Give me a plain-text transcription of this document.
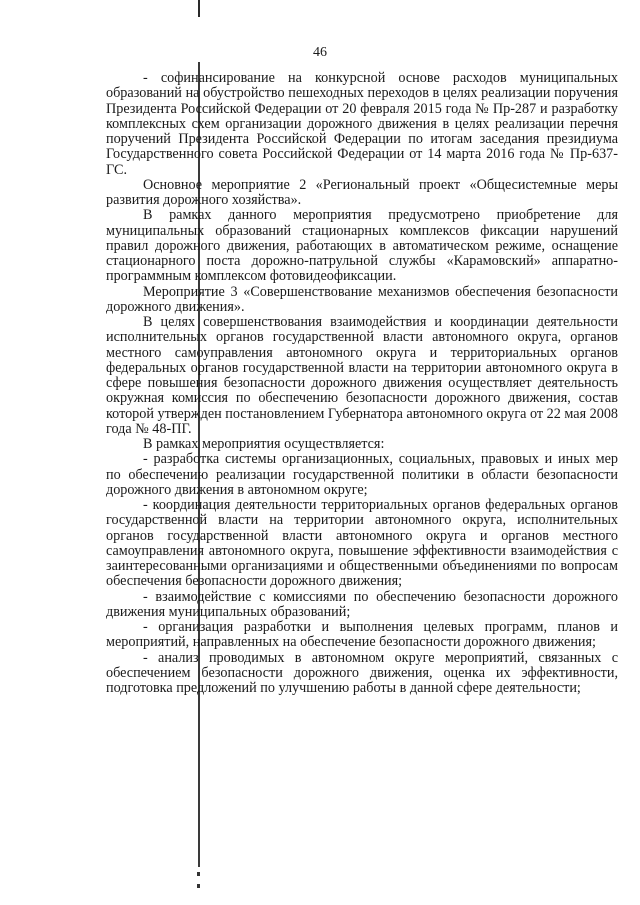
46

- софинансирование на конкурсной основе расходов муниципальных образований на обустройство пешеходных переходов в целях реализации поручения Президента Российской Федерации от 20 февраля 2015 года № Пр-287 и разработку комплексных схем организации дорожного движения в целях реализации перечня поручений Президента Российской Федерации по итогам заседания президиума Государственного совета Российской Федерации от 14 марта 2016 года № Пр-637-ГС.

Основное мероприятие 2 «Региональный проект «Общесистемные меры развития дорожного хозяйства».

В рамках данного мероприятия предусмотрено приобретение для муниципальных образований стационарных комплексов фиксации нарушений правил дорожного движения, работающих в автоматическом режиме, оснащение стационарного поста дорожно-патрульной службы «Карамовский» аппаратно-программным комплексом фотовидеофиксации.

Мероприятие 3 «Совершенствование механизмов обеспечения безопасности дорожного движения».

В целях совершенствования взаимодействия и координации деятельности исполнительных органов государственной власти автономного округа, органов местного самоуправления автономного округа и территориальных органов федеральных органов государственной власти на территории автономного округа в сфере повышения безопасности дорожного движения осуществляет деятельность окружная комиссия по обеспечению безопасности дорожного движения, состав которой утвержден постановлением Губернатора автономного округа от 22 мая 2008 года № 48-ПГ.

В рамках мероприятия осуществляется:

- разработка системы организационных, социальных, правовых и иных мер по обеспечению реализации государственной политики в области безопасности дорожного движения в автономном округе;

- координация деятельности территориальных органов федеральных органов государственной власти на территории автономного округа, исполнительных органов государственной власти автономного округа и органов местного самоуправления автономного округа, повышение эффективности взаимодействия с заинтересованными организациями и общественными объединениями по вопросам обеспечения безопасности дорожного движения;

- взаимодействие с комиссиями по обеспечению безопасности дорожного движения муниципальных образований;

- организация разработки и выполнения целевых программ, планов и мероприятий, направленных на обеспечение безопасности дорожного движения;

- анализ проводимых в автономном округе мероприятий, связанных с обеспечением безопасности дорожного движения, оценка их эффективности, подготовка предложений по улучшению работы в данной сфере деятельности;
